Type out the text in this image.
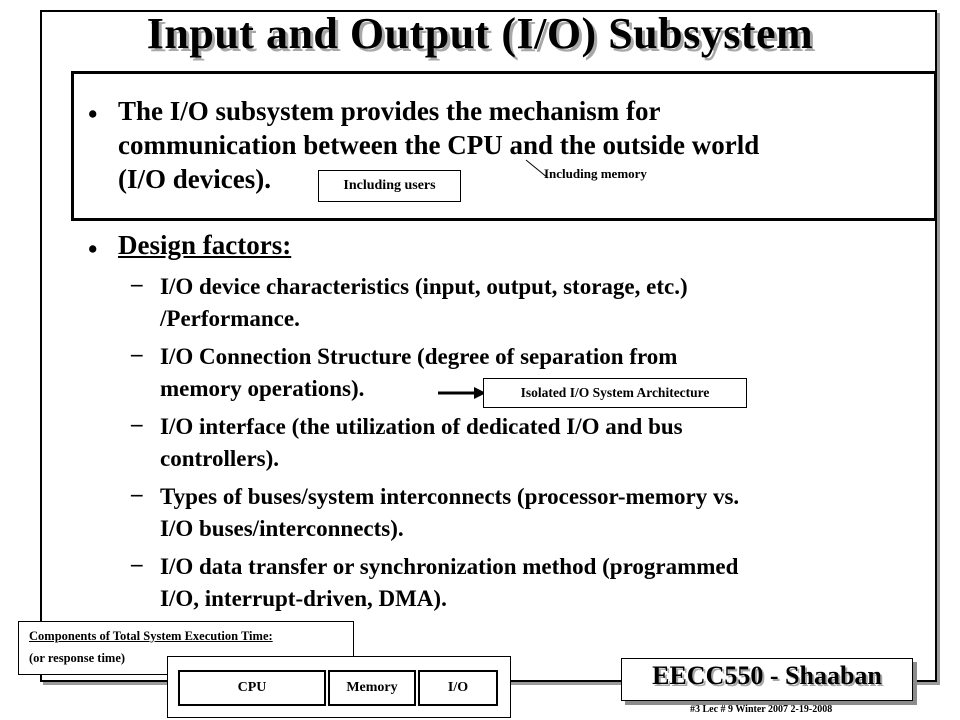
Input and Output (I/O) Subsystem
• The I/O subsystem provides the mechanism for
communication between the CPU and the outside world
(I/O devices).	Including users
Including memory
• Design factors:
– I/O device characteristics (input, output, storage, etc.)
/Performance.
– I/O Connection Structure (degree of separation from
memory operations).	Isolated I/O System Architecture
– I/O interface (the utilization of dedicated I/O and bus
controllers).
– Types of buses/system interconnects (processor-memory vs.
I/O buses/interconnects).
– I/O data transfer or synchronization method (programmed
I/O, interrupt-driven, DMA).
Components of Total System Execution Time:
(or response time)
CPU	Memory	I/O	EECC550 - Shaaban
#3 Lec # 9 Winter 2007 2-19-2008
